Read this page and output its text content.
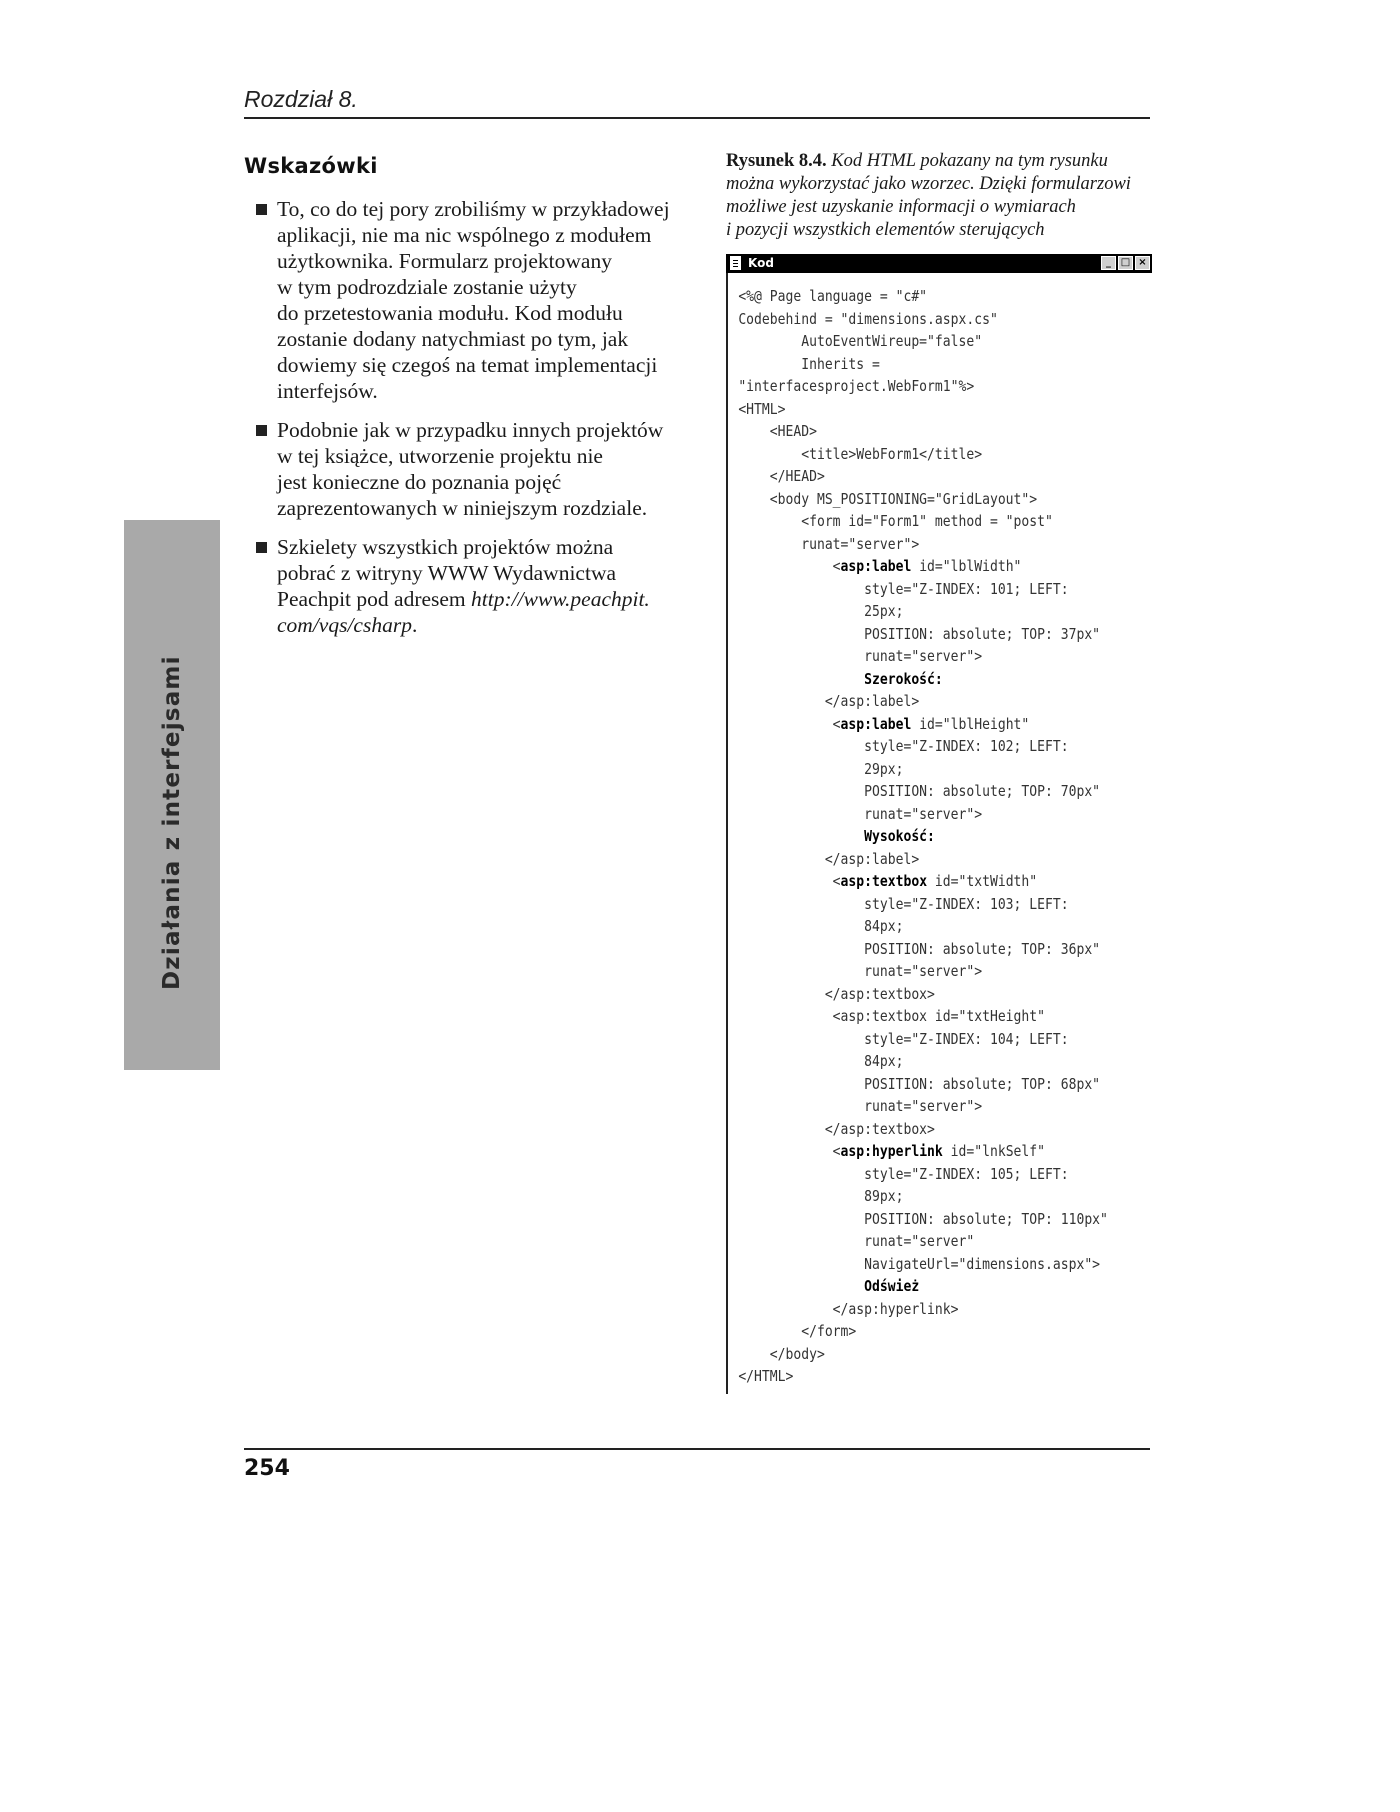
Rozdział 8.
Wskazówki
To, co do tej pory zrobiliśmy w przykładowej
aplikacji, nie ma nic wspólnego z modułem
użytkownika. Formularz projektowany
w tym podrozdziale zostanie użyty
do przetestowania modułu. Kod modułu
zostanie dodany natychmiast po tym, jak
dowiemy się czegoś na temat implementacji
interfejsów.
Podobnie jak w przypadku innych projektów
w tej książce, utworzenie projektu nie
jest konieczne do poznania pojęć
zaprezentowanych w niniejszym rozdziale.
Szkielety wszystkich projektów można
pobrać z witryny WWW Wydawnictwa
Peachpit pod adresem http://www.peachpit.
com/vqs/csharp.
Działania z interfejsami
Rysunek 8.4. Kod HTML pokazany na tym rysunku
można wykorzystać jako wzorzec. Dzięki formularzowi
możliwe jest uzyskanie informacji o wymiarach
i pozycji wszystkich elementów sterujących
Kod	_ □ ×
<%@ Page language = "c#"
Codebehind = "dimensions.aspx.cs"
AutoEventWireup="false"
Inherits =
"interfacesproject.WebForm1"%>
<HTML>
<HEAD>
<title>WebForm1</title>
</HEAD>
<body MS_POSITIONING="GridLayout">
<form id="Form1" method = "post"
runat="server">
<asp:label id="lblWidth"
style="Z-INDEX: 101; LEFT:
25px;
POSITION: absolute; TOP: 37px"
runat="server">
Szerokość:
</asp:label>
<asp:label id="lblHeight"
style="Z-INDEX: 102; LEFT:
29px;
POSITION: absolute; TOP: 70px"
runat="server">
Wysokość:
</asp:label>
<asp:textbox id="txtWidth"
style="Z-INDEX: 103; LEFT:
84px;
POSITION: absolute; TOP: 36px"
runat="server">
</asp:textbox>
<asp:textbox id="txtHeight"
style="Z-INDEX: 104; LEFT:
84px;
POSITION: absolute; TOP: 68px"
runat="server">
</asp:textbox>
<asp:hyperlink id="lnkSelf"
style="Z-INDEX: 105; LEFT:
89px;
POSITION: absolute; TOP: 110px"
runat="server"
NavigateUrl="dimensions.aspx">
Odśwież
</asp:hyperlink>
</form>
</body>
</HTML>
254
